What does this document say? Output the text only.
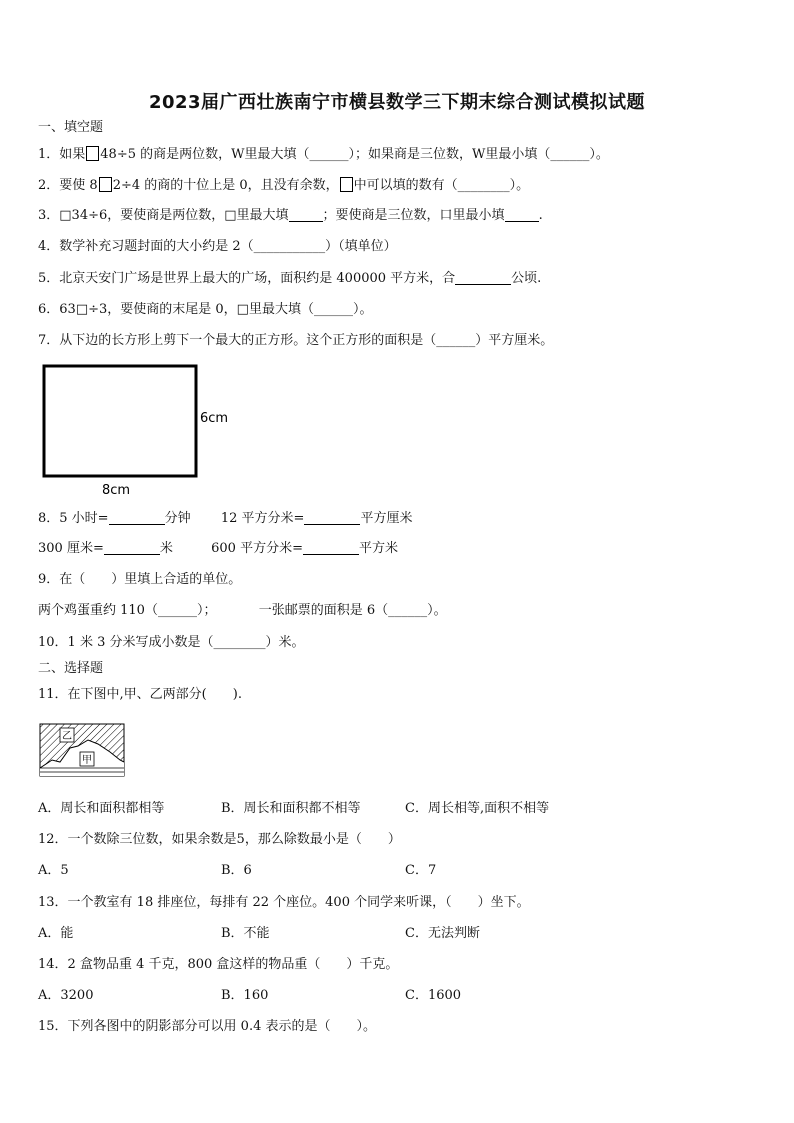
2023届广西壮族南宁市横县数学三下期末综合测试模拟试题
一、填空题
1．如果 48÷5 的商是两位数，W里最大填（______）；如果商是三位数，W里最小填（______）。
2．要使 8 2÷4 的商的十位上是 0，且没有余数， 中可以填的数有（________）。
3．□34÷6，要使商是两位数，□里最大填	；要使商是三位数，口里最小填	.
4．数学补充习题封面的大小约是 2（___________）（填单位）
5．北京天安门广场是世界上最大的广场，面积约是 400000 平方米，合	公顷.
6．63□÷3，要使商的末尾是 0，□里最大填（______）。
7．从下边的长方形上剪下一个最大的正方形。这个正方形的面积是（______）平方厘米。
6cm
8cm
8．5 小时=	分钟 12 平方分米=	平方厘米
300 厘米=	米	600 平方分米=	平方米
9．在（　　）里填上合适的单位。
两个鸡蛋重约 110（______）；	一张邮票的面积是 6（______）。
10．1 米 3 分米写成小数是（________）米。
二、选择题
11．在下图中,甲、乙两部分(　　).
乙
甲
A．周长和面积都相等	B．周长和面积都不相等	C．周长相等,面积不相等
12．一个数除三位数，如果余数是5，那么除数最小是（　　）
A．5	B．6	C．7
13．一个教室有 18 排座位，每排有 22 个座位。400 个同学来听课，（　　）坐下。
A．能	B．不能	C．无法判断
14．2 盒物品重 4 千克，800 盒这样的物品重（　　）千克。
A．3200	B．160	C．1600
15．下列各图中的阴影部分可以用 0.4 表示的是（　　）。
